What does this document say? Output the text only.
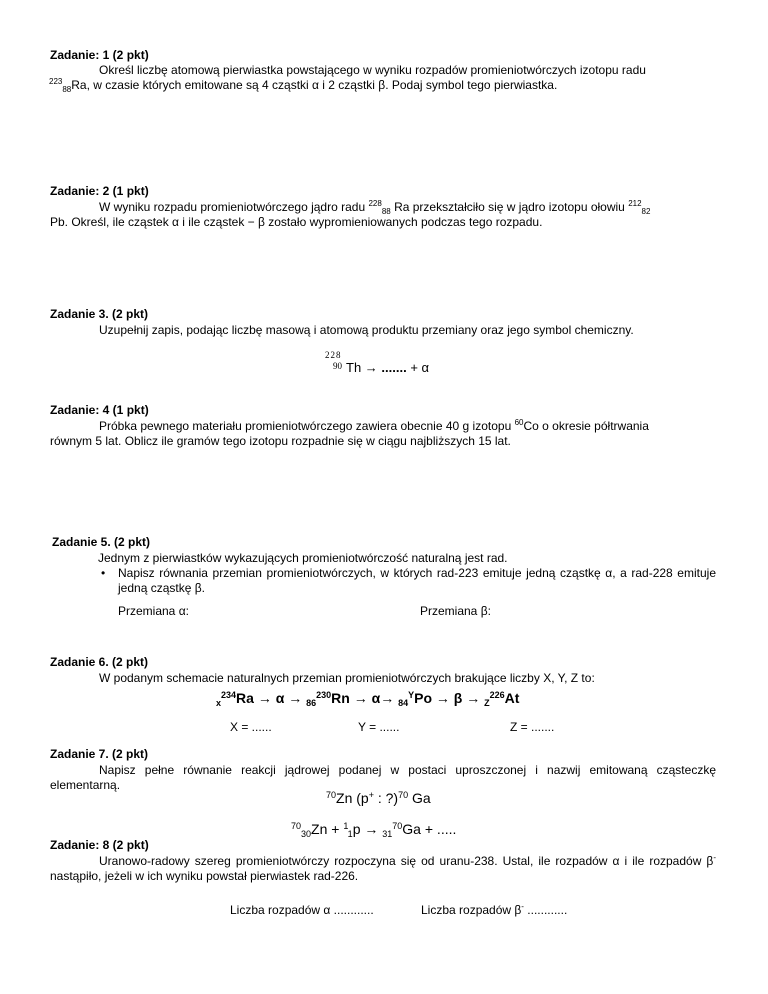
Zadanie: 1 (2 pkt)
Określ liczbę atomową pierwiastka powstającego w wyniku rozpadów promieniotwórczych izotopu radu
$^{223}_{88}$Ra, w czasie których emitowane są 4 cząstki α i 2 cząstki β. Podaj symbol tego pierwiastka.
Zadanie: 2 (1 pkt)
W wyniku rozpadu promieniotwórczego jądro radu $^{228}_{88}$ Ra przekształciło się w jądro izotopu ołowiu $^{212}_{82}$
Pb. Określ, ile cząstek α i ile cząstek − β zostało wypromieniowanych podczas tego rozpadu.
Zadanie 3. (2 pkt)
Uzupełnij zapis, podając liczbę masową i atomową produktu przemiany oraz jego symbol chemiczny.
228
90 Th → ....... + α
Zadanie: 4 (1 pkt)
Próbka pewnego materiału promieniotwórczego zawiera obecnie 40 g izotopu $^{60}$Co o okresie półtrwania
równym 5 lat. Oblicz ile gramów tego izotopu rozpadnie się w ciągu najbliższych 15 lat.
Zadanie 5. (2 pkt)
Jednym z pierwiastków wykazujących promieniotwórczość naturalną jest rad.
• Napisz równania przemian promieniotwórczych, w których rad-223 emituje jedną cząstkę α, a rad-228 emituje jedną cząstkę β.
Przemiana α:	Przemiana β:
Zadanie 6. (2 pkt)
W podanym schemacie naturalnych przemian promieniotwórczych brakujące liczby X, Y, Z to:
$_x^{234}$Ra → α → $_{86}^{230}$Rn → α→ $_{84}^Y$Po → β → $_Z^{226}$At
X = ......	Y = ......	Z = .......
Zadanie 7. (2 pkt)
Napisz pełne równanie reakcji jądrowej podanej w postaci uproszczonej i nazwij emitowaną cząsteczkę elementarną.
$^{70}$Zn (p+ : ?)$^{70}$ Ga
$^{70}_{30}$Zn + $^1_1$p → $_{31}^{70}$Ga + .....
Zadanie: 8 (2 pkt)
Uranowo-radowy szereg promieniotwórczy rozpoczyna się od uranu-238. Ustal, ile rozpadów α i ile rozpadów β- nastąpiło, jeżeli w ich wyniku powstał pierwiastek rad-226.
Liczba rozpadów α ............	Liczba rozpadów β- ............
